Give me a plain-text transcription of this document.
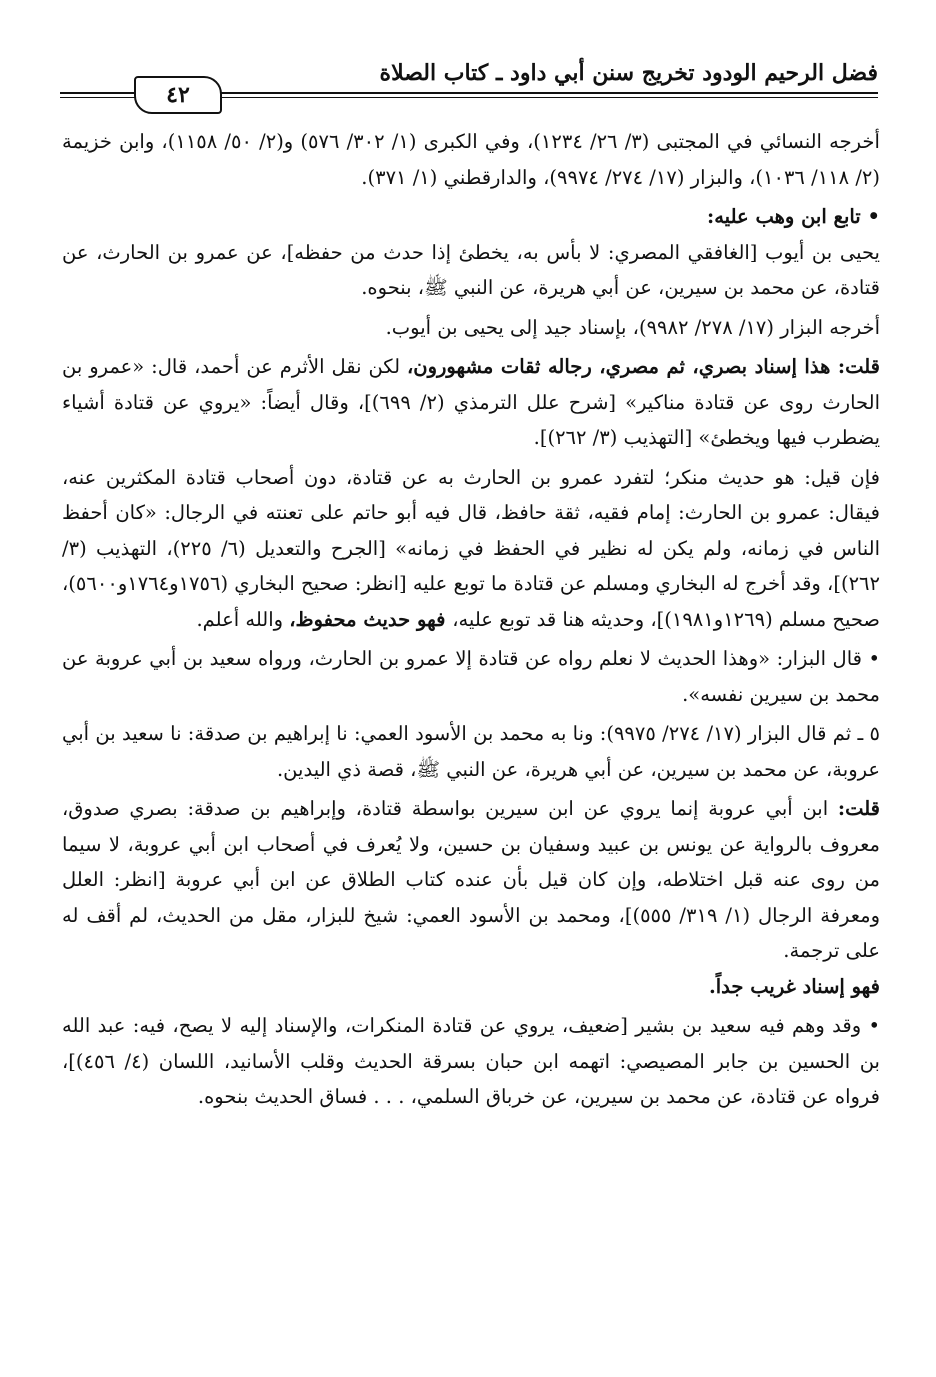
فضل الرحيم الودود تخريج سنن أبي داود ـ كتاب الصلاة
٤٢

أخرجه النسائي في المجتبى (٣/ ٢٦/ ١٢٣٤)، وفي الكبرى (١/ ٣٠٢/ ٥٧٦) و(٢/ ٥٠/ ١١٥٨)، وابن خزيمة (٢/ ١١٨/ ١٠٣٦)، والبزار (١٧/ ٢٧٤/ ٩٩٧٤)، والدارقطني (١/ ٣٧١).

• تابع ابن وهب عليه:

يحيى بن أيوب [الغافقي المصري: لا بأس به، يخطئ إذا حدث من حفظه]، عن عمرو بن الحارث، عن قتادة، عن محمد بن سيرين، عن أبي هريرة، عن النبي ﷺ، بنحوه.

أخرجه البزار (١٧/ ٢٧٨/ ٩٩٨٢)، بإسناد جيد إلى يحيى بن أيوب.

قلت: هذا إسناد بصري، ثم مصري، رجاله ثقات مشهورون، لكن نقل الأثرم عن أحمد، قال: «عمرو بن الحارث روى عن قتادة مناكير» [شرح علل الترمذي (٢/ ٦٩٩)]، وقال أيضاً: «يروي عن قتادة أشياء يضطرب فيها ويخطئ» [التهذيب (٣/ ٢٦٢)].

فإن قيل: هو حديث منكر؛ لتفرد عمرو بن الحارث به عن قتادة، دون أصحاب قتادة المكثرين عنه، فيقال: عمرو بن الحارث: إمام فقيه، ثقة حافظ، قال فيه أبو حاتم على تعنته في الرجال: «كان أحفظ الناس في زمانه، ولم يكن له نظير في الحفظ في زمانه» [الجرح والتعديل (٦/ ٢٢٥)، التهذيب (٣/ ٢٦٢)]، وقد أخرج له البخاري ومسلم عن قتادة ما توبع عليه [انظر: صحيح البخاري (١٧٥٦و١٧٦٤و٥٦٠٠)، صحيح مسلم (١٢٦٩و١٩٨١)]، وحديثه هنا قد توبع عليه، فهو حديث محفوظ، والله أعلم.

• قال البزار: «وهذا الحديث لا نعلم رواه عن قتادة إلا عمرو بن الحارث، ورواه سعيد بن أبي عروبة عن محمد بن سيرين نفسه».

٥ ـ ثم قال البزار (١٧/ ٢٧٤/ ٩٩٧٥): ونا به محمد بن الأسود العمي: نا إبراهيم بن صدقة: نا سعيد بن أبي عروبة، عن محمد بن سيرين، عن أبي هريرة، عن النبي ﷺ، قصة ذي اليدين.

قلت: ابن أبي عروبة إنما يروي عن ابن سيرين بواسطة قتادة، وإبراهيم بن صدقة: بصري صدوق، معروف بالرواية عن يونس بن عبيد وسفيان بن حسين، ولا يُعرف في أصحاب ابن أبي عروبة، لا سيما من روى عنه قبل اختلاطه، وإن كان قيل بأن عنده كتاب الطلاق عن ابن أبي عروبة [انظر: العلل ومعرفة الرجال (١/ ٣١٩/ ٥٥٥)]، ومحمد بن الأسود العمي: شيخ للبزار، مقل من الحديث، لم أقف له على ترجمة.

فهو إسناد غريب جداً.

• وقد وهم فيه سعيد بن بشير [ضعيف، يروي عن قتادة المنكرات، والإسناد إليه لا يصح، فيه: عبد الله بن الحسين بن جابر المصيصي: اتهمه ابن حبان بسرقة الحديث وقلب الأسانيد، اللسان (٤/ ٤٥٦)]، فرواه عن قتادة، عن محمد بن سيرين، عن خرباق السلمي، . . . فساق الحديث بنحوه.
